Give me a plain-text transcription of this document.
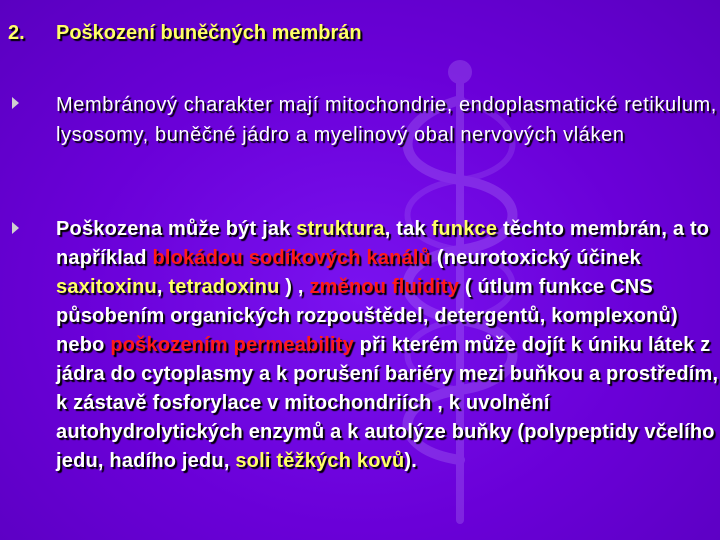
2. Poškození buněčných membrán

Membránový charakter mají mitochondrie, endoplasmatické retikulum, lysosomy, buněčné jádro a myelinový obal nervových vláken

Poškozena může být jak struktura, tak funkce těchto membrán, a to například blokádou sodíkových kanálů (neurotoxický účinek saxitoxinu, tetradoxinu ) , změnou fluidity ( útlum funkce CNS působením organických rozpouštědel, detergentů, komplexonů) nebo poškozením permeability při kterém může dojít k úniku látek z jádra do cytoplasmy a k porušení bariéry mezi buňkou a prostředím, k zástavě fosforylace v mitochondriích , k uvolnění autohydrolytických enzymů a k autolýze buňky (polypeptidy včelího jedu, hadího jedu, soli těžkých kovů).
